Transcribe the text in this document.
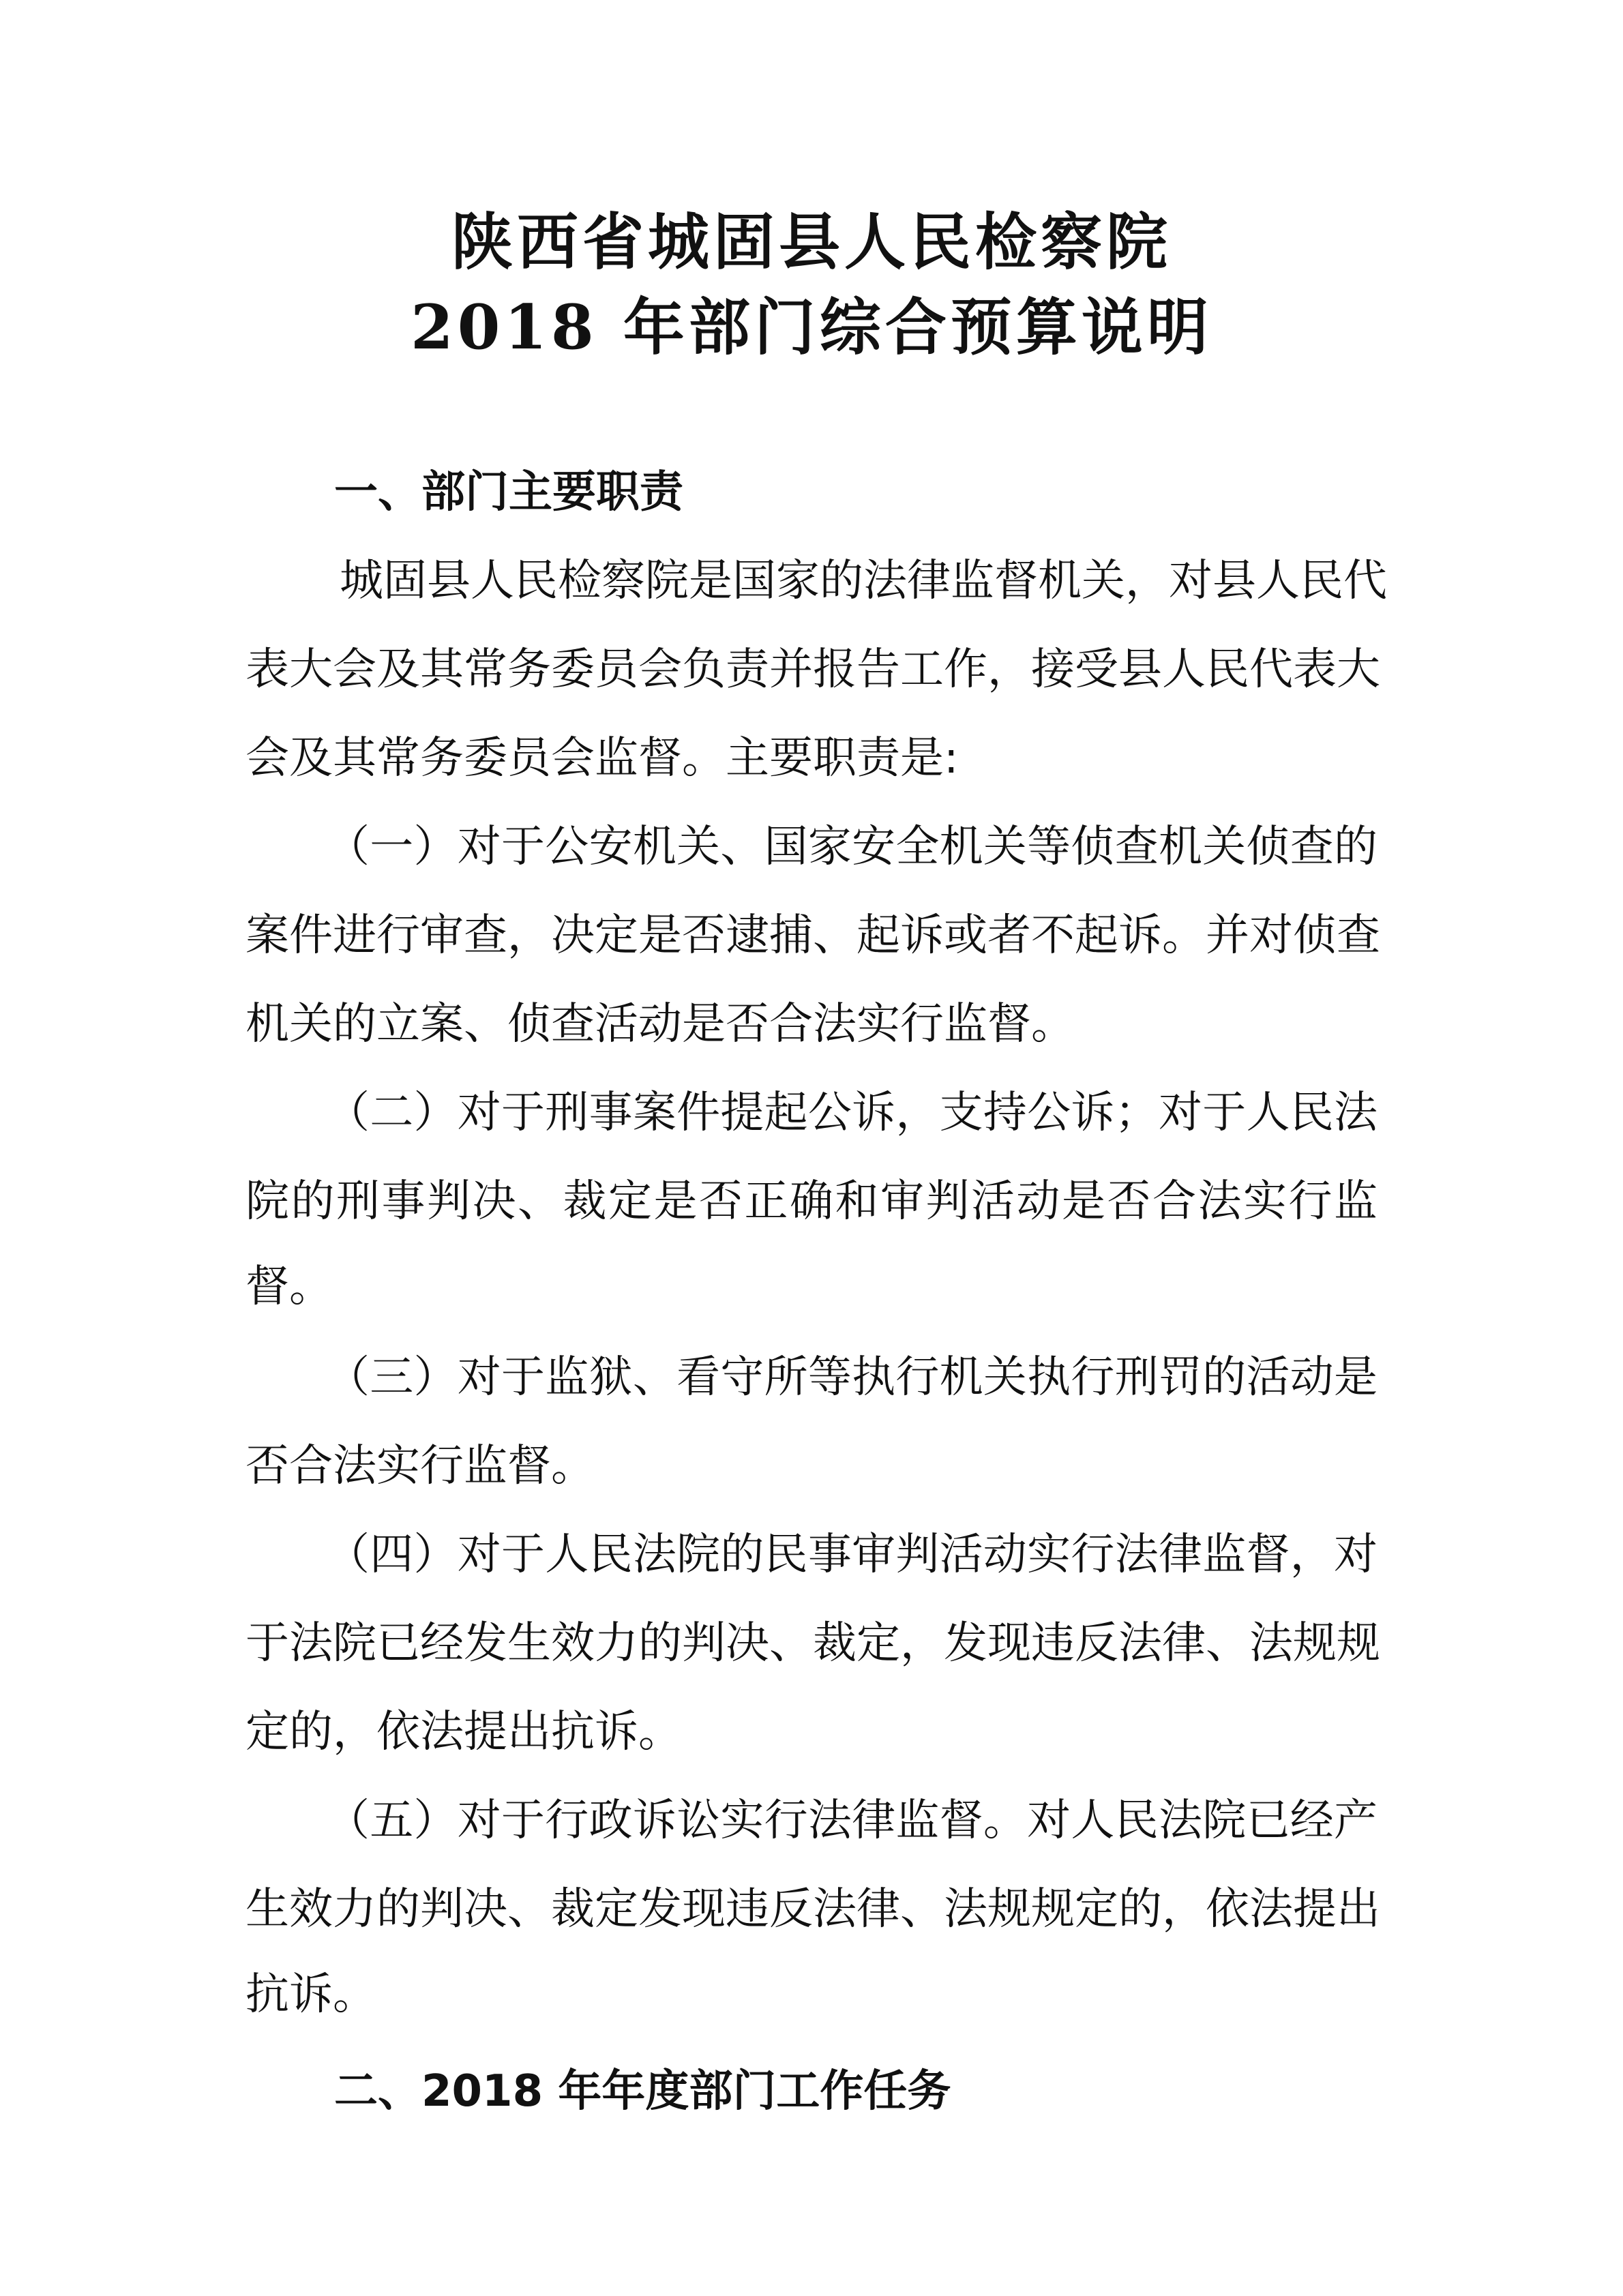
陕西省城固县人民检察院
2018 年部门综合预算说明
一、部门主要职责
城固县人民检察院是国家的法律监督机关，对县人民代
表大会及其常务委员会负责并报告工作，接受县人民代表大
会及其常务委员会监督。主要职责是:
（一）对于公安机关、国家安全机关等侦查机关侦查的
案件进行审查，决定是否逮捕、起诉或者不起诉。并对侦查
机关的立案、侦查活动是否合法实行监督。
（二）对于刑事案件提起公诉，支持公诉；对于人民法
院的刑事判决、裁定是否正确和审判活动是否合法实行监
督。
（三）对于监狱、看守所等执行机关执行刑罚的活动是
否合法实行监督。
（四）对于人民法院的民事审判活动实行法律监督，对
于法院已经发生效力的判决、裁定，发现违反法律、法规规
定的，依法提出抗诉。
（五）对于行政诉讼实行法律监督。对人民法院已经产
生效力的判决、裁定发现违反法律、法规规定的，依法提出
二、2018 年年度部门工作任务
抗诉。
